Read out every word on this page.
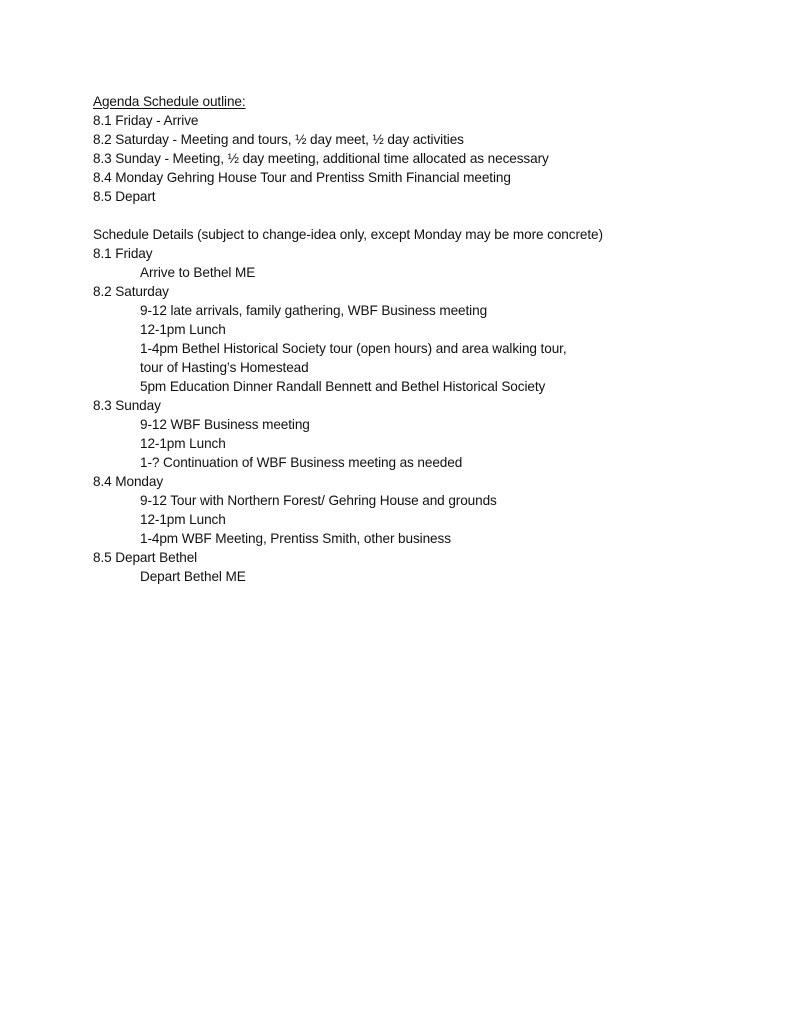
Agenda Schedule outline:
8.1 Friday - Arrive
8.2 Saturday - Meeting and tours, ½ day meet, ½ day activities
8.3 Sunday - Meeting, ½ day meeting, additional time allocated as necessary
8.4 Monday Gehring House Tour and Prentiss Smith Financial meeting
8.5 Depart
Schedule Details (subject to change-idea only, except Monday may be more concrete)
8.1 Friday
Arrive to Bethel ME
8.2 Saturday
9-12 late arrivals, family gathering, WBF Business meeting
12-1pm Lunch
1-4pm Bethel Historical Society tour (open hours) and area walking tour,
tour of Hasting’s Homestead
5pm Education Dinner Randall Bennett and Bethel Historical Society
8.3 Sunday
9-12 WBF Business meeting
12-1pm Lunch
1-? Continuation of WBF Business meeting as needed
8.4 Monday
9-12 Tour with Northern Forest/ Gehring House and grounds
12-1pm Lunch
1-4pm WBF Meeting, Prentiss Smith, other business
8.5 Depart Bethel
Depart Bethel ME
